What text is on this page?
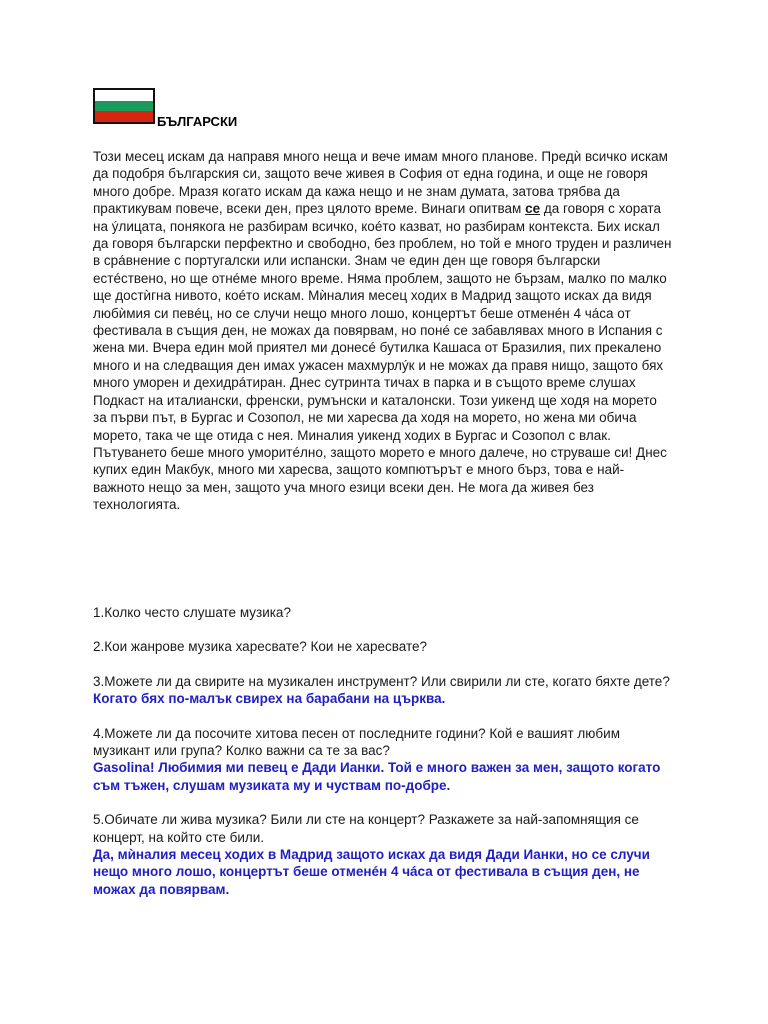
БЪЛГАРСКИ

Този месец искам да направя много неща и вече имам много планове. Предѝ всичко искам да подобря българския си, защото вече живея в София от една година, и още не говоря много добре. Мразя когато искам да кажа нещо и не знам думата, затова трябва да практикувам повече, всеки ден, през цялото време. Винаги опитвам се да говоря с хората на ýлицата, понякога не разбирам всичко, коéто казват, но разбирам контекста. Бих искал да говоря български перфектно и свободно, без проблем, но той е много труден и различен в срáвнение с португалски или испански. Знам че един ден ще говоря български естéствено, но ще отнéме много време. Няма проблем, защото не бързам, малко по малко ще достѝгна нивото, коéто искам. Мѝналия месец ходих в Мадрид защото исках да видя любѝмия си певéц, но се случи нещо много лошо, концертът беше отменéн 4 чáса от фестивала в същия ден, не можах да повярвам, но понé се забавлявах много в Испания с жена ми. Вчера един мой приятел ми донесé бутилка Кашаса от Бразилия, пих прекалено много и на следващия ден имах ужасен махмурлýк и не можах да правя нищо, защото бях много уморен и дехидрáтиран. Днес сутринта тичах в парка и в същото време слушах Подкаст на италиански, френски, румънски и каталонски. Този уикенд ще ходя на морето за първи път, в Бургас и Созопол, не ми харесва да ходя на морето, но жена ми обича морето, така че ще отида с нея. Миналия уикенд ходих в Бургас и Созопол с влак. Пътуването беше много уморитéлно, защото морето е много далече, но струваше си! Днес купих един Макбук, много ми харесва, защото компютърът е много бърз, това е най-важното нещо за мен, защото уча много езици всеки ден. Не мога да живея без технологията.

1.Колко често слушате музика?

2.Кои жанрове музика харесвате? Кои не харесвате?

3.Можете ли да свирите на музикален инструмент? Или свирили ли сте, когато бяхте дете?

Когато бях по-малък свирех на барабани на църква.

4.Можете ли да посочите хитова песен от последните години? Кой е вашият любим музикант или група? Колко важни са те за вас?

Gasolina! Любимия ми певец е Дади Ианки. Той е много важен за мен, защото когато съм тъжен, слушам музиката му и чуствам по-добре.

5.Обичате ли жива музика? Били ли сте на концерт? Разкажете за най-запомнящия се концерт, на който сте били.

Да, мѝналия месец ходих в Мадрид защото исках да видя Дади Ианки, но се случи нещо много лошо, концертът беше отменéн 4 чáса от фестивала в същия ден, не можах да повярвам.
